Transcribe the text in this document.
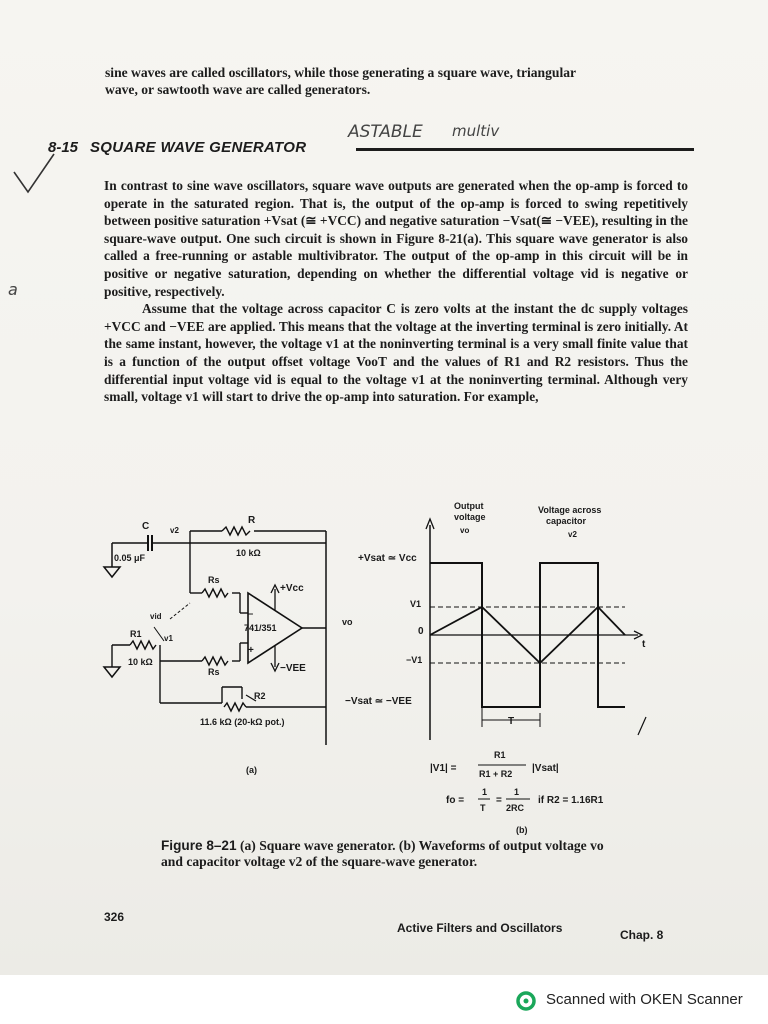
sine waves are called oscillators, while those generating a square wave, triangular

wave, or sawtooth wave are called generators.

8-15 SQUARE WAVE GENERATOR
ASTABLE multiv
a

In contrast to sine wave oscillators, square wave outputs are generated when the op-amp is forced to operate in the saturated region. That is, the output of the op-amp is forced to swing repetitively between positive saturation +Vsat (≅ +VCC) and negative saturation −Vsat(≅ −VEE), resulting in the square-wave output. One such circuit is shown in Figure 8-21(a). This square wave generator is also called a free-running or astable multivibrator. The output of the op-amp in this circuit will be in positive or negative saturation, depending on whether the differential voltage vid is negative or positive, respectively.

Assume that the voltage across capacitor C is zero volts at the instant the dc supply voltages +VCC and −VEE are applied. This means that the voltage at the inverting terminal is zero initially. At the same instant, however, the voltage v1 at the noninverting terminal is a very small finite value that is a function of the output offset voltage VooT and the values of R1 and R2 resistors. Thus the differential input voltage vid is equal to the voltage v1 at the noninverting terminal. Although very small, voltage v1 will start to drive the op-amp into saturation. For example,

C	v2
0.05 μF
R
10 kΩ
Rs
+Vcc
−
741/351
+
−VEE
vo
vid
R1	v1
10 kΩ
Rs
R2
11.6 kΩ (20-kΩ pot.)
(a)
Output
voltage
vo
Voltage across
capacitor
v2
+Vsat ≃ Vcc
V1
0
−V1
t
−Vsat ≃ −VEE
T
|V1| =
R1
R1 + R2 |Vsat|
fo =
1
T
=
1
2RC
if R2 = 1.16R1
(b)
Figure 8–21 (a) Square wave generator. (b) Waveforms of output voltage vo and capacitor voltage v2 of the square-wave generator.
326
Active Filters and Oscillators	Chap. 8
Scanned with OKEN Scanner
